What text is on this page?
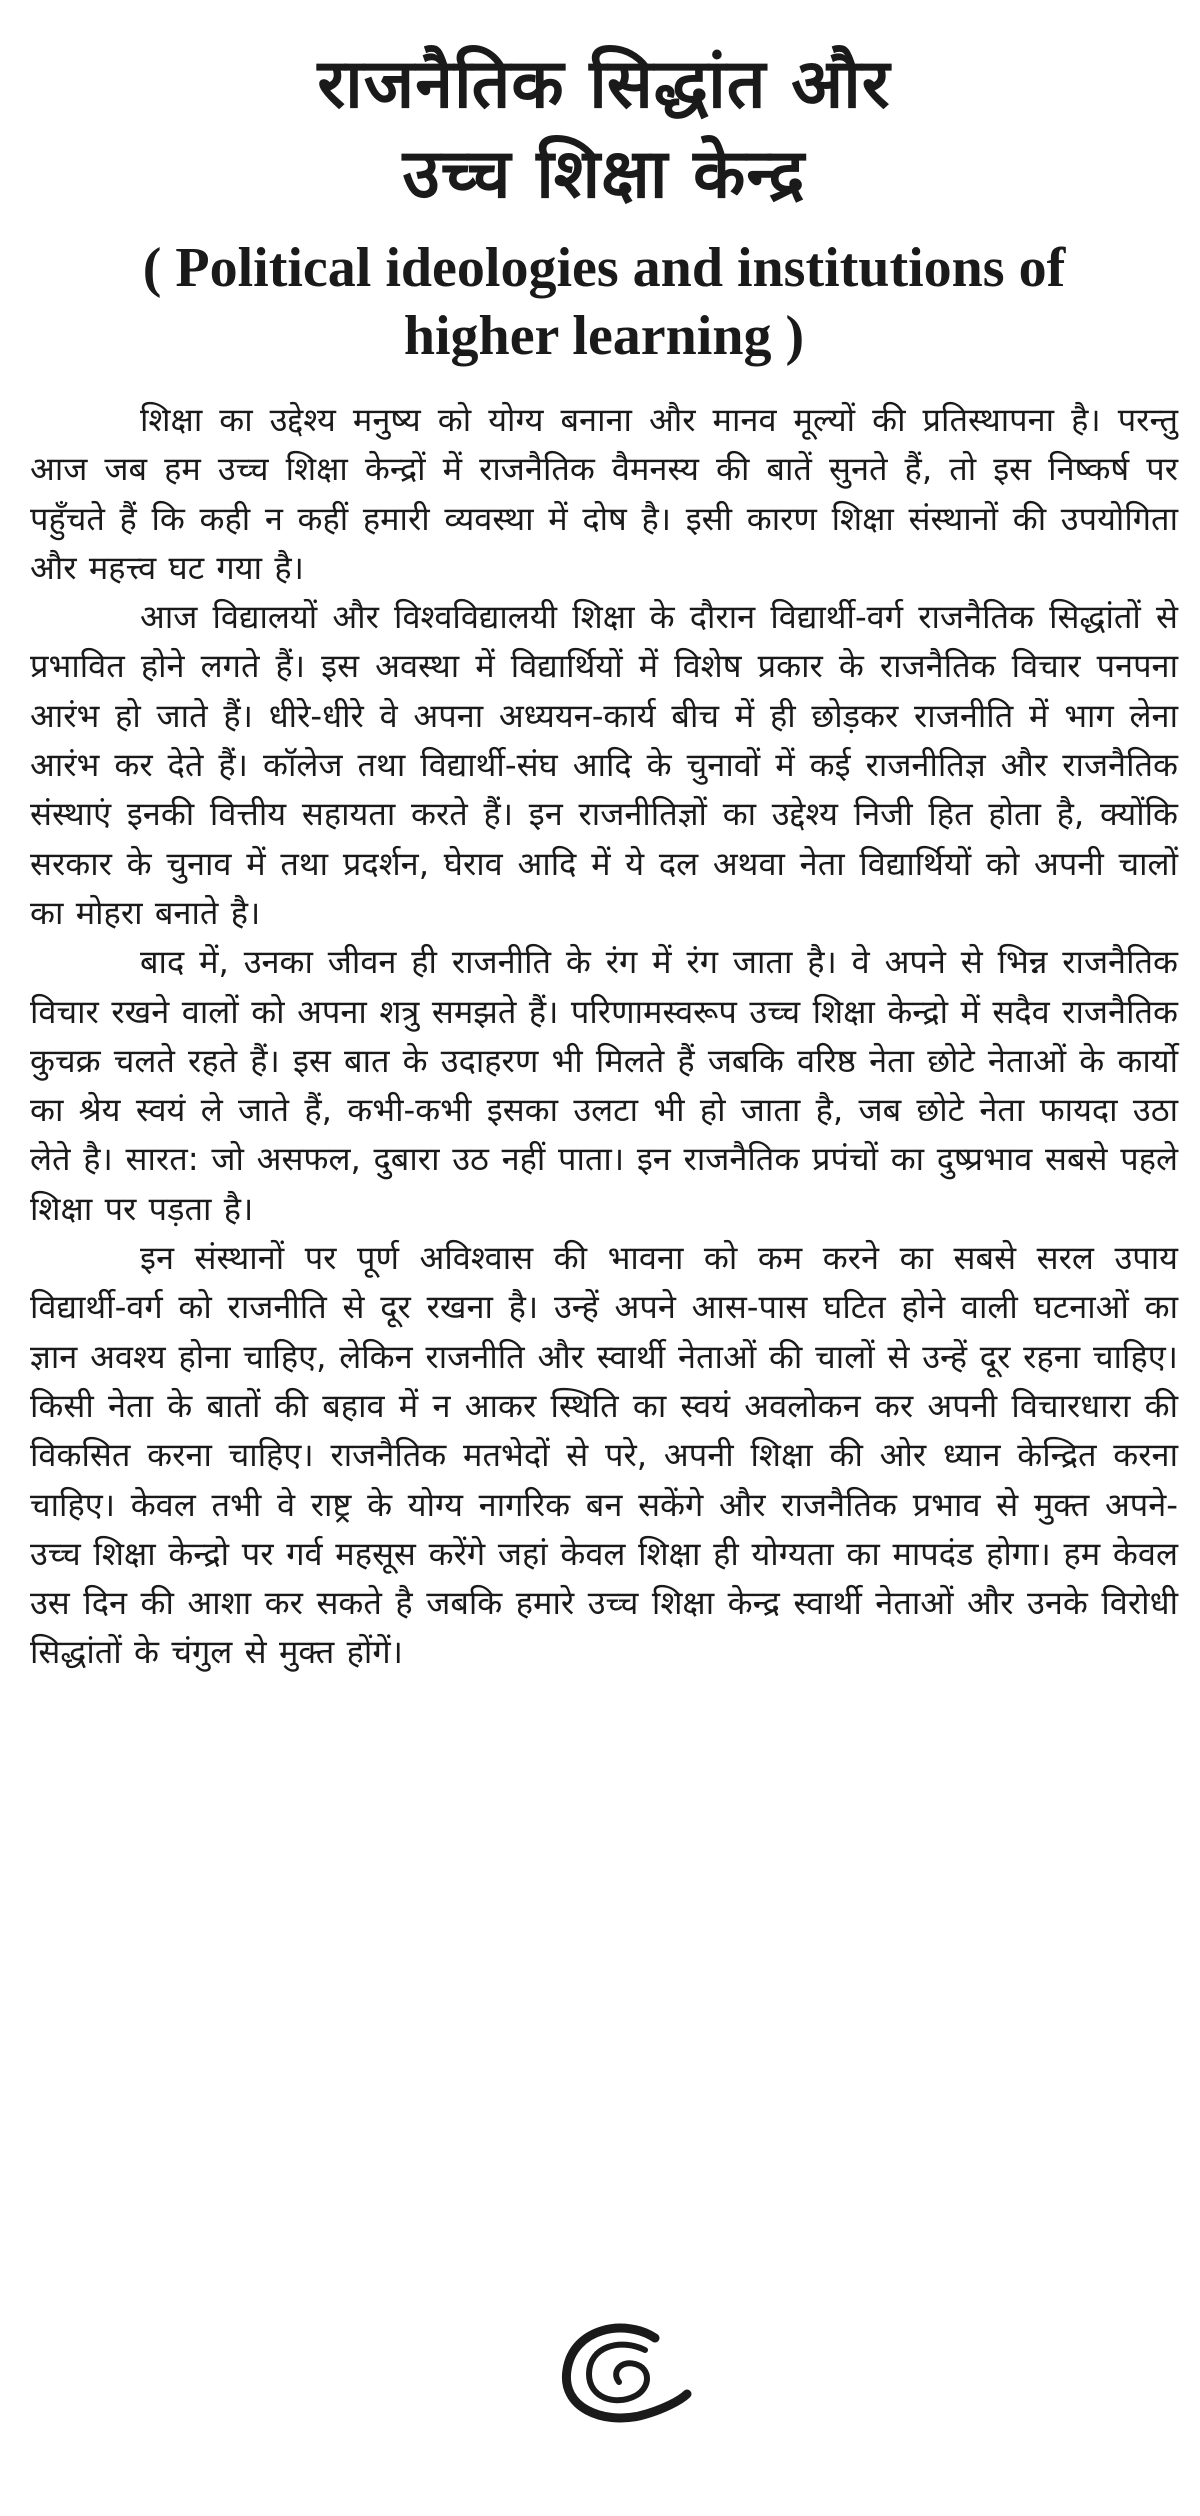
राजनैतिक सिद्धांत और
उच्च शिक्षा केन्द्र
( Political ideologies and institutions of
higher learning )

शिक्षा का उद्देश्य मनुष्य को योग्य बनाना और मानव मूल्यों की प्रतिस्थापना है। परन्तु आज जब हम उच्च शिक्षा केन्द्रों में राजनैतिक वैमनस्य की बातें सुनते हैं, तो इस निष्कर्ष पर पहुँचते हैं कि कही न कहीं हमारी व्यवस्था में दोष है। इसी कारण शिक्षा संस्थानों की उपयोगिता और महत्त्व घट गया है।

आज विद्यालयों और विश्वविद्यालयी शिक्षा के दौरान विद्यार्थी-वर्ग राजनैतिक सिद्धांतों से प्रभावित होने लगते हैं। इस अवस्था में विद्यार्थियों में विशेष प्रकार के राजनैतिक विचार पनपना आरंभ हो जाते हैं। धीरे-धीरे वे अपना अध्ययन-कार्य बीच में ही छोड़कर राजनीति में भाग लेना आरंभ कर देते हैं। कॉलेज तथा विद्यार्थी-संघ आदि के चुनावों में कई राजनीतिज्ञ और राजनैतिक संस्थाएं इनकी वित्तीय सहायता करते हैं। इन राजनीतिज्ञों का उद्देश्य निजी हित होता है, क्योंकि सरकार के चुनाव में तथा प्रदर्शन, घेराव आदि में ये दल अथवा नेता विद्यार्थियों को अपनी चालों का मोहरा बनाते है।

बाद में, उनका जीवन ही राजनीति के रंग में रंग जाता है। वे अपने से भिन्न राजनैतिक विचार रखने वालों को अपना शत्रु समझते हैं। परिणामस्वरूप उच्च शिक्षा केन्द्रो में सदैव राजनैतिक कुचक्र चलते रहते हैं। इस बात के उदाहरण भी मिलते हैं जबकि वरिष्ठ नेता छोटे नेताओं के कार्यो का श्रेय स्वयं ले जाते हैं, कभी-कभी इसका उलटा भी हो जाता है, जब छोटे नेता फायदा उठा लेते है। सारत: जो असफल, दुबारा उठ नहीं पाता। इन राजनैतिक प्रपंचों का दुष्प्रभाव सबसे पहले शिक्षा पर पड़ता है।

इन संस्थानों पर पूर्ण अविश्वास की भावना को कम करने का सबसे सरल उपाय विद्यार्थी-वर्ग को राजनीति से दूर रखना है। उन्हें अपने आस-पास घटित होने वाली घटनाओं का ज्ञान अवश्य होना चाहिए, लेकिन राजनीति और स्वार्थी नेताओं की चालों से उन्हें दूर रहना चाहिए। किसी नेता के बातों की बहाव में न आकर स्थिति का स्वयं अवलोकन कर अपनी विचारधारा की विकसित करना चाहिए। राजनैतिक मतभेदों से परे, अपनी शिक्षा की ओर ध्यान केन्द्रित करना चाहिए। केवल तभी वे राष्ट्र के योग्य नागरिक बन सकेंगे और राजनैतिक प्रभाव से मुक्त अपने-उच्च शिक्षा केन्द्रो पर गर्व महसूस करेंगे जहां केवल शिक्षा ही योग्यता का मापदंड होगा। हम केवल उस दिन की आशा कर सकते है जबकि हमारे उच्च शिक्षा केन्द्र स्वार्थी नेताओं और उनके विरोधी सिद्धांतों के चंगुल से मुक्त होंगें।
